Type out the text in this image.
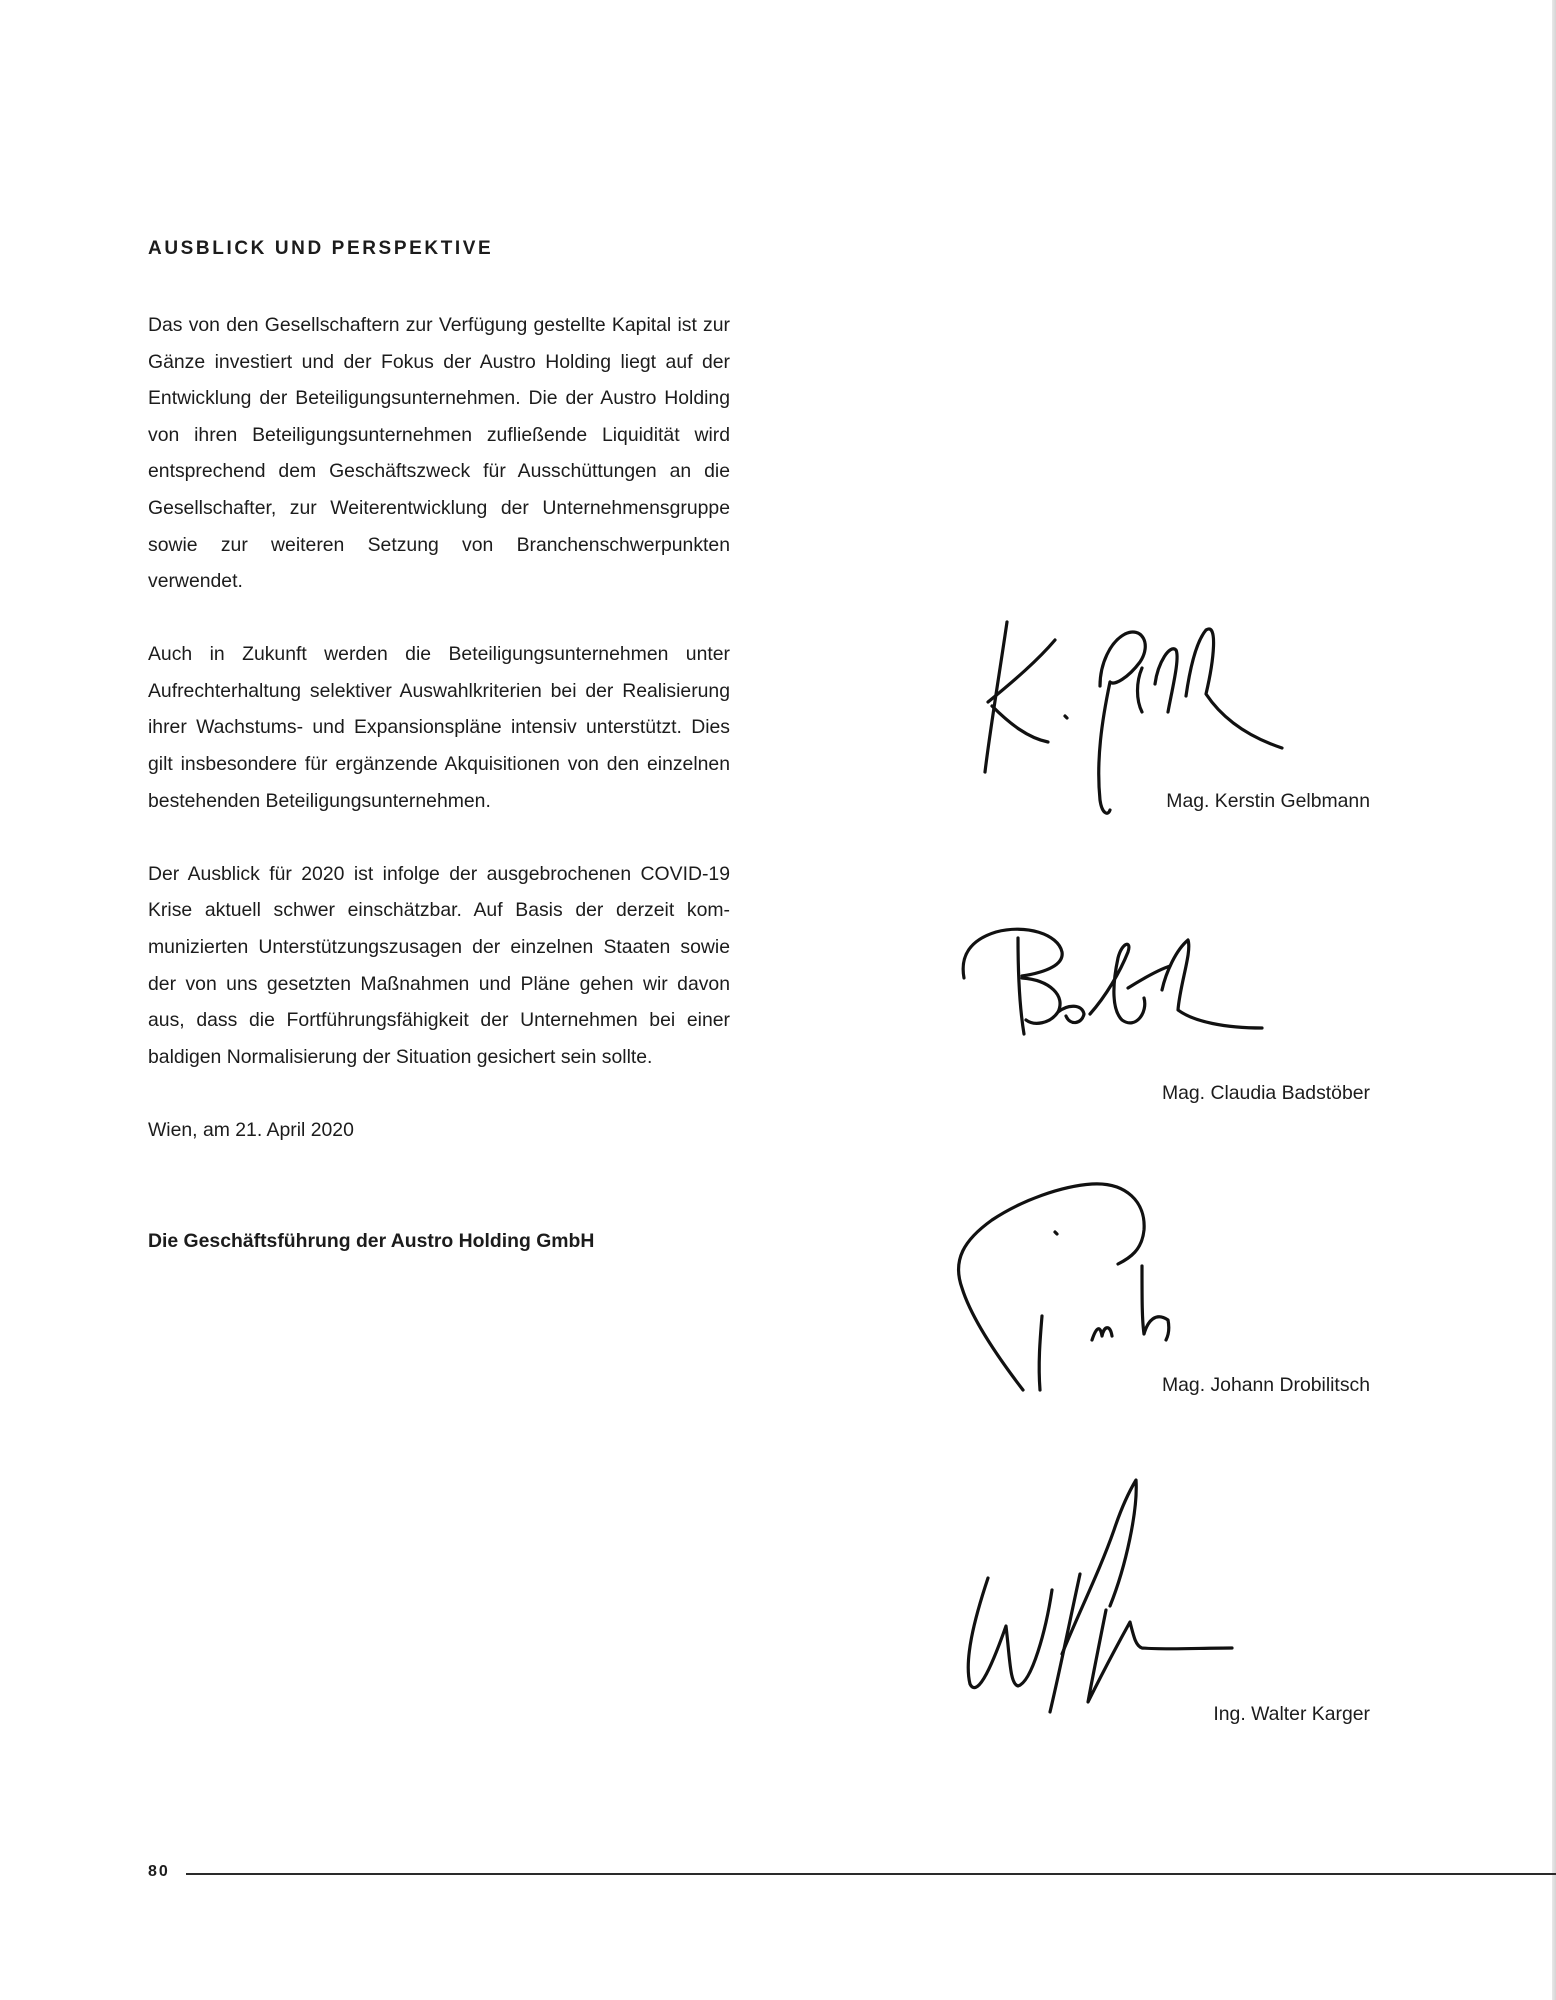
AUSBLICK UND PERSPEKTIVE

Das von den Gesellschaftern zur Verfügung gestellte Kapital ist zur Gänze investiert und der Fokus der Austro Holding liegt auf der Entwicklung der Beteiligungsunternehmen. Die der Austro Holding von ihren Beteiligungsunternehmen zufließende Liquidität wird entsprechend dem Geschäftszweck für Ausschüttungen an die Gesellschafter, zur Weiterentwicklung der Unternehmensgruppe sowie zur weiteren Setzung von Branchenschwerpunkten verwendet.

Auch in Zukunft werden die Beteiligungsunternehmen unter Aufrechterhaltung selektiver Auswahlkriterien bei der Realisierung ihrer Wachstums- und Expansionspläne intensiv unterstützt. Dies gilt insbesondere für ergänzende Akquisitionen von den einzelnen bestehenden Beteiligungsunternehmen.

Der Ausblick für 2020 ist infolge der ausgebrochenen COVID-19 Krise aktuell schwer einschätzbar. Auf Basis der derzeit kommunizierten Unterstützungszusagen der einzelnen Staaten sowie der von uns gesetzten Maßnahmen und Pläne gehen wir davon aus, dass die Fortführungsfähigkeit der Unternehmen bei einer baldigen Normalisierung der Situation gesichert sein sollte.

Wien, am 21. April 2020

Die Geschäftsführung der Austro Holding GmbH

Mag. Kerstin Gelbmann
Mag. Claudia Badstöber
Mag. Johann Drobilitsch
Ing. Walter Karger
80
